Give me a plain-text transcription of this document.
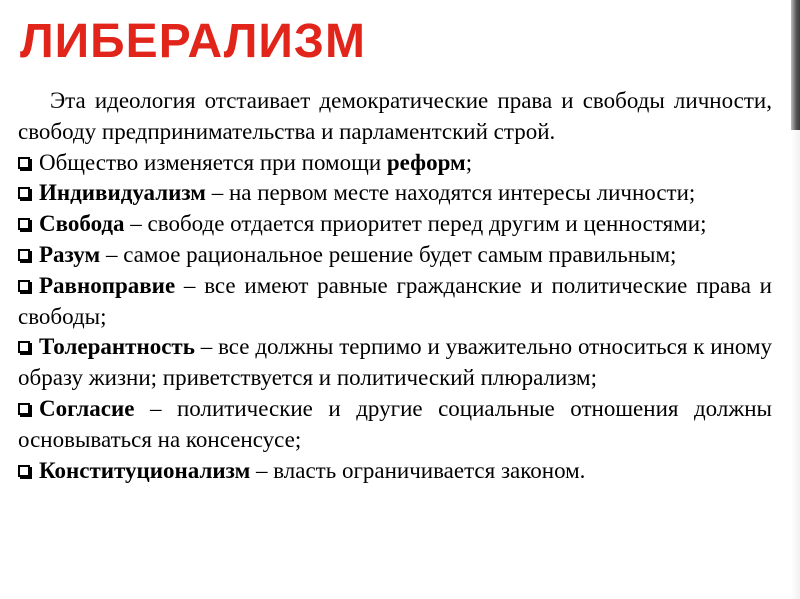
ЛИБЕРАЛИЗМ

Эта идеология отстаивает демократические права и свободы личности, свободу предпринимательства и парламентский строй.

Общество изменяется при помощи реформ;

Индивидуализм – на первом месте находятся интересы личности;

Свобода – свободе отдается приоритет перед другим и ценностями;

Разум – самое рациональное решение будет самым правильным;

Равноправие – все имеют равные гражданские и политические права и свободы;

Толерантность – все должны терпимо и уважительно относиться к иному образу жизни; приветствуется и политический плюрализм;

Согласие – политические и другие социальные отношения должны основываться на консенсусе;

Конституционализм – власть ограничивается законом.
